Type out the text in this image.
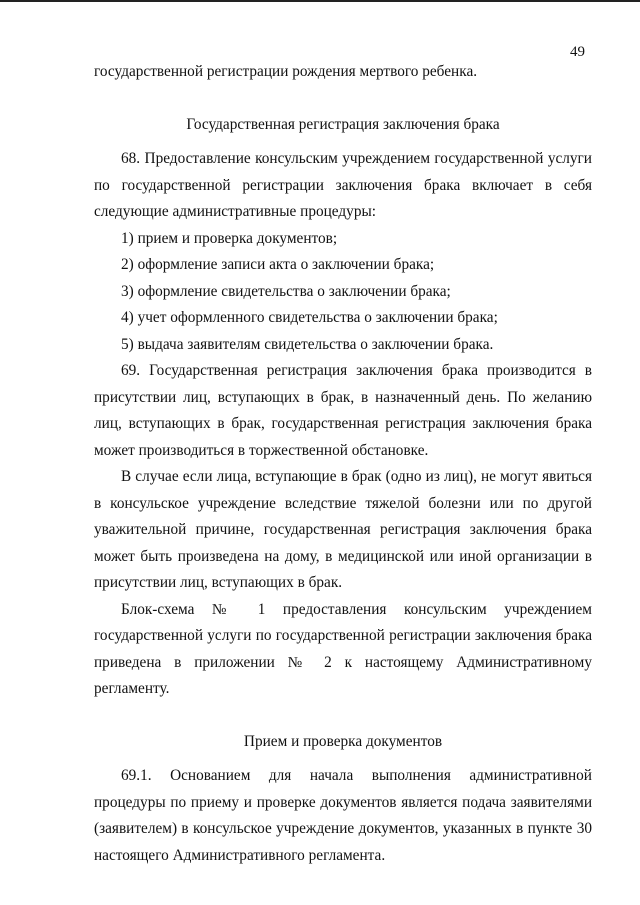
49

государственной регистрации рождения мертвого ребенка.

Государственная регистрация заключения брака

68. Предоставление консульским учреждением государственной услуги по государственной регистрации заключения брака включает в себя следующие административные процедуры:

1) прием и проверка документов;

2) оформление записи акта о заключении брака;

3) оформление свидетельства о заключении брака;

4) учет оформленного свидетельства о заключении брака;

5) выдача заявителям свидетельства о заключении брака.

69. Государственная регистрация заключения брака производится в присутствии лиц, вступающих в брак, в назначенный день. По желанию лиц, вступающих в брак, государственная регистрация заключения брака может производиться в торжественной обстановке.

В случае если лица, вступающие в брак (одно из лиц), не могут явиться в консульское учреждение вследствие тяжелой болезни или по другой уважительной причине, государственная регистрация заключения брака может быть произведена на дому, в медицинской или иной организации в присутствии лиц, вступающих в брак.

Блок-схема № 1 предоставления консульским учреждением государственной услуги по государственной регистрации заключения брака приведена в приложении № 2 к настоящему Административному регламенту.

Прием и проверка документов

69.1. Основанием для начала выполнения административной процедуры по приему и проверке документов является подача заявителями (заявителем) в консульское учреждение документов, указанных в пункте 30 настоящего Административного регламента.
